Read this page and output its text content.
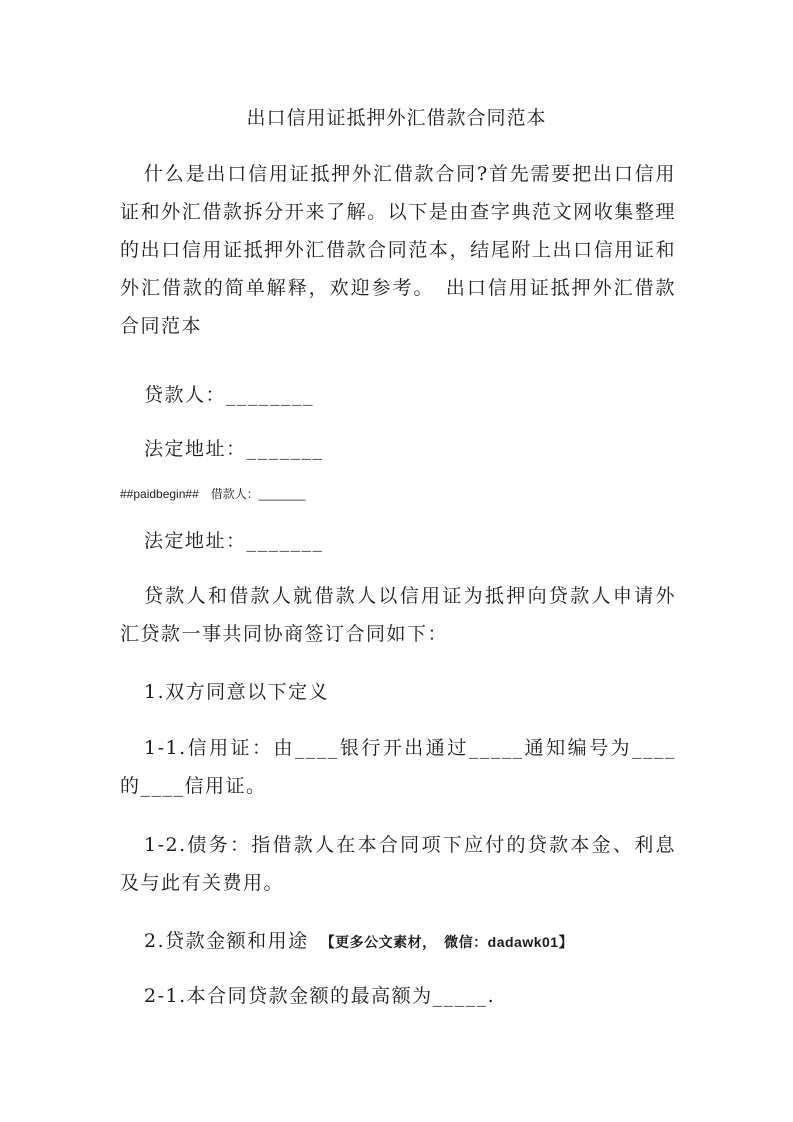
出口信用证抵押外汇借款合同范本
什么是出口信用证抵押外汇借款合同?首先需要把出口信用证和外汇借款拆分开来了解。以下是由查字典范文网收集整理的出口信用证抵押外汇借款合同范本，结尾附上出口信用证和外汇借款的简单解释，欢迎参考。　出口信用证抵押外汇借款合同范本
贷款人：________
法定地址：_______
##paidbegin##　借款人：_______
法定地址：_______
贷款人和借款人就借款人以信用证为抵押向贷款人申请外汇贷款一事共同协商签订合同如下：
1.双方同意以下定义
1-1.信用证：由____银行开出通过_____通知编号为____的____信用证。
1-2.债务：指借款人在本合同项下应付的贷款本金、利息及与此有关费用。
2.贷款金额和用途 【更多公文素材，　微信：dadawk01】
2-1.本合同贷款金额的最高额为_____.
